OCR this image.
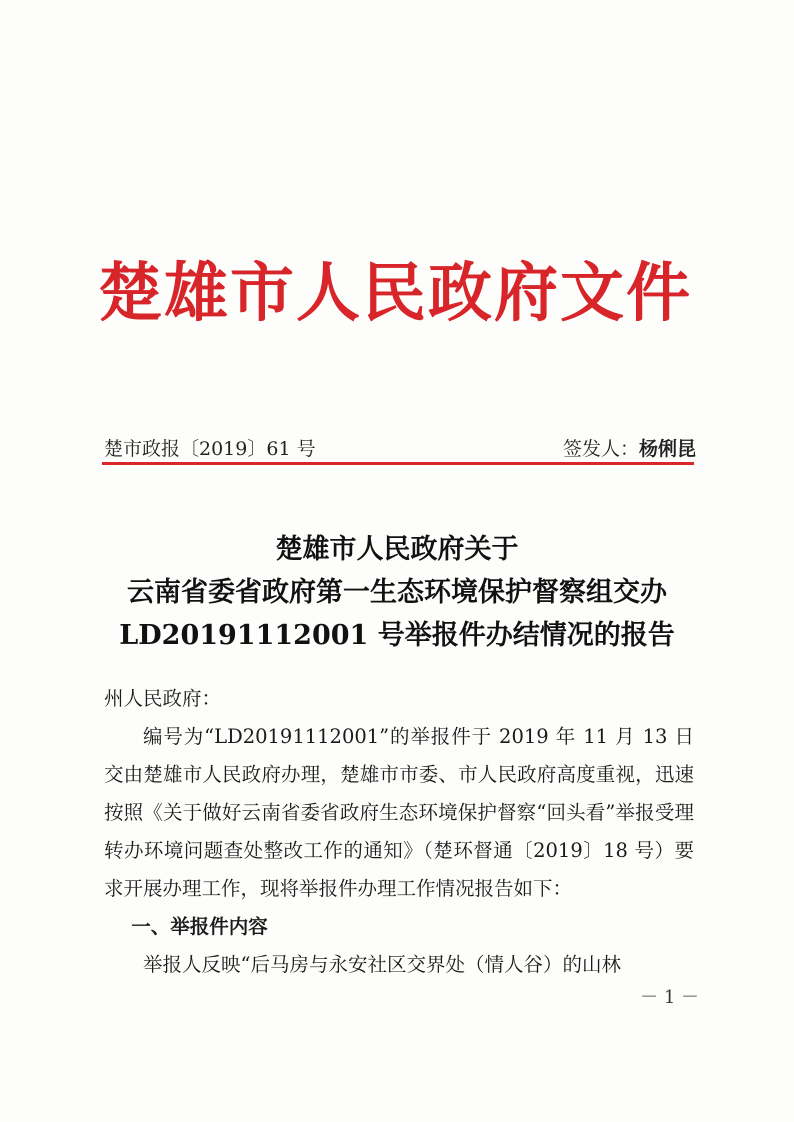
楚雄市人民政府文件
楚市政报〔2019〕61 号	签发人：杨俐昆
楚雄市人民政府关于
云南省委省政府第一生态环境保护督察组交办
LD20191112001 号举报件办结情况的报告

州人民政府：

编号为“LD20191112001”的举报件于 2019 年 11 月 13 日交由楚雄市人民政府办理，楚雄市市委、市人民政府高度重视，迅速按照《关于做好云南省委省政府生态环境保护督察“回头看”举报受理转办环境问题查处整改工作的通知》（楚环督通〔2019〕18 号）要求开展办理工作，现将举报件办理工作情况报告如下：

一、举报件内容

举报人反映“后马房与永安社区交界处（情人谷）的山林

－ 1 －
